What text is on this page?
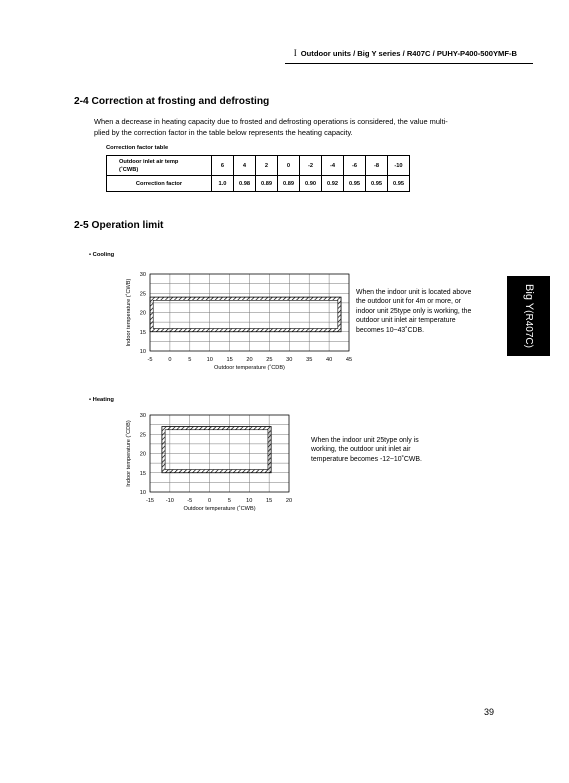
I Outdoor units / Big Y series / R407C / PUHY-P400-500YMF-B
2-4 Correction at frosting and defrosting
When a decrease in heating capacity due to frosted and defrosting operations is considered, the value multi-
plied by the correction factor in the table below represents the heating capacity.
Correction factor table
Outdoor inlet air temp
(˚CWB)	6	4	2	0	-2	-4	-6	-8	-10
Correction factor	1.0	0.98	0.89	0.89	0.90	0.92	0.95	0.95	0.95
2-5 Operation limit
• Cooling
-5	0	5	10 15 20 25 30 35 40 45
10
15
20
25
30
Outdoor temperature (˚CDB)
Indoor temperature (˚CWB)	When the indoor unit is located above
the outdoor unit for 4m or more, or
indoor unit 25type only is working, the
outdoor unit inlet air temperature
becomes 10~43˚CDB.
• Heating
-15 -10 -5	0	5	10 15 20
10
15
20
25
30
Outdoor temperature (˚CWB)
Indoor temperature (˚CDB)	When the indoor unit 25type only is
working, the outdoor unit inlet air
temperature becomes -12~10˚CWB.
Big Y(R407C)
39
